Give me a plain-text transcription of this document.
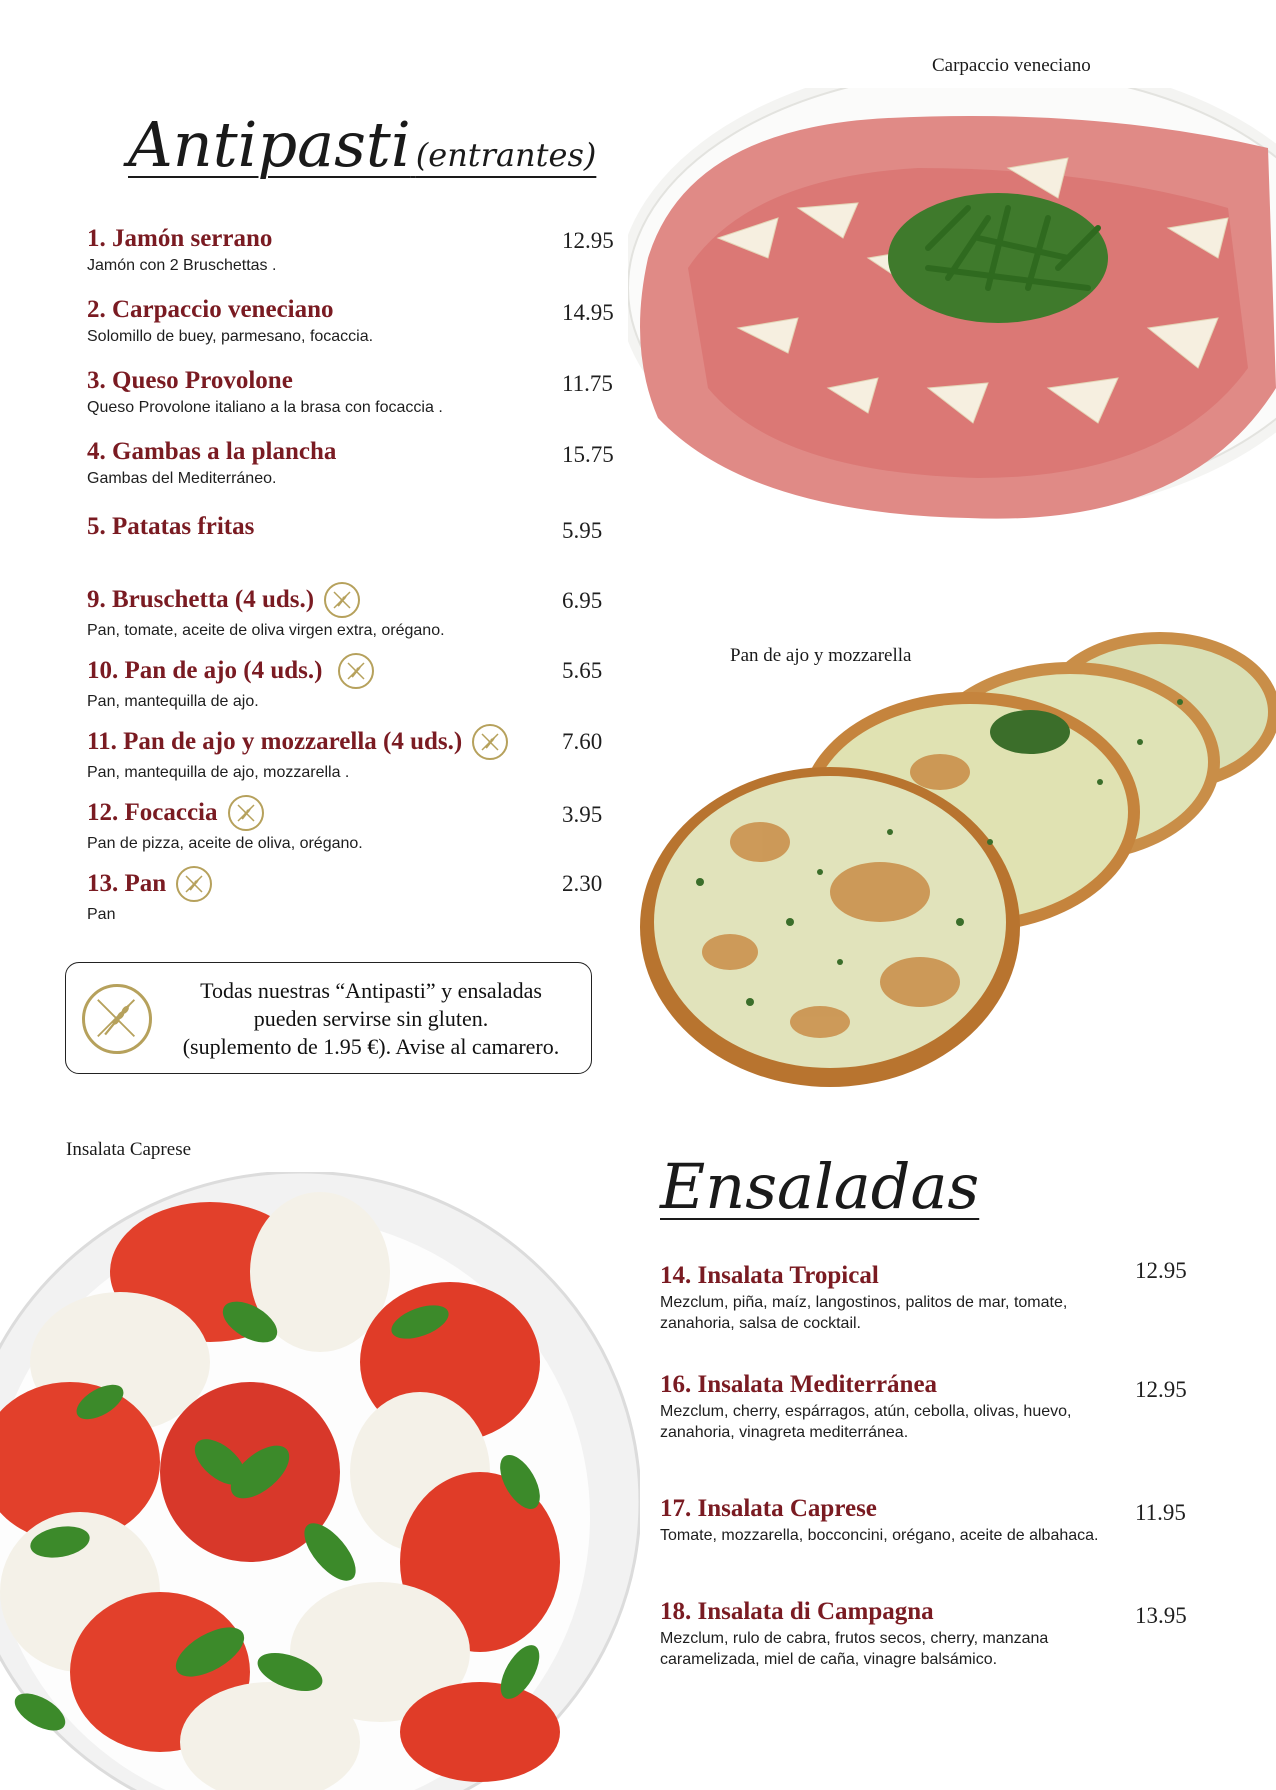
Antipasti (entrantes)
Carpaccio veneciano
1. Jamón serrano
Jamón con 2 Bruschettas .
12.95
2. Carpaccio veneciano
Solomillo de buey, parmesano, focaccia.
14.95
3. Queso Provolone
Queso Provolone italiano a la brasa con focaccia .
11.75
4. Gambas a la plancha
Gambas del Mediterráneo.
15.75
5. Patatas fritas	5.95
9. Bruschetta (4 uds.)
Pan, tomate, aceite de oliva virgen extra, orégano.
6.95
10. Pan de ajo (4 uds.)
Pan, mantequilla de ajo.
5.65
11. Pan de ajo y mozzarella (4 uds.)
Pan, mantequilla de ajo, mozzarella .
7.60
12. Focaccia
Pan de pizza, aceite de oliva, orégano.
3.95
13. Pan
Pan
2.30
Todas nuestras “Antipasti” y ensaladas
pueden servirse sin gluten.
(suplemento de 1.95 €). Avise al camarero.
Pan de ajo y mozzarella
Insalata Caprese
Ensaladas
14. Insalata Tropical
Mezclum, piña, maíz, langostinos, palitos de mar, tomate,
zanahoria, salsa de cocktail.
12.95
16. Insalata Mediterránea
Mezclum, cherry, espárragos, atún, cebolla, olivas, huevo,
zanahoria, vinagreta mediterránea.
12.95
17. Insalata Caprese
Tomate, mozzarella, bocconcini, orégano, aceite de albahaca.
11.95
18. Insalata di Campagna
Mezclum, rulo de cabra, frutos secos, cherry, manzana
caramelizada, miel de caña, vinagre balsámico.
13.95
